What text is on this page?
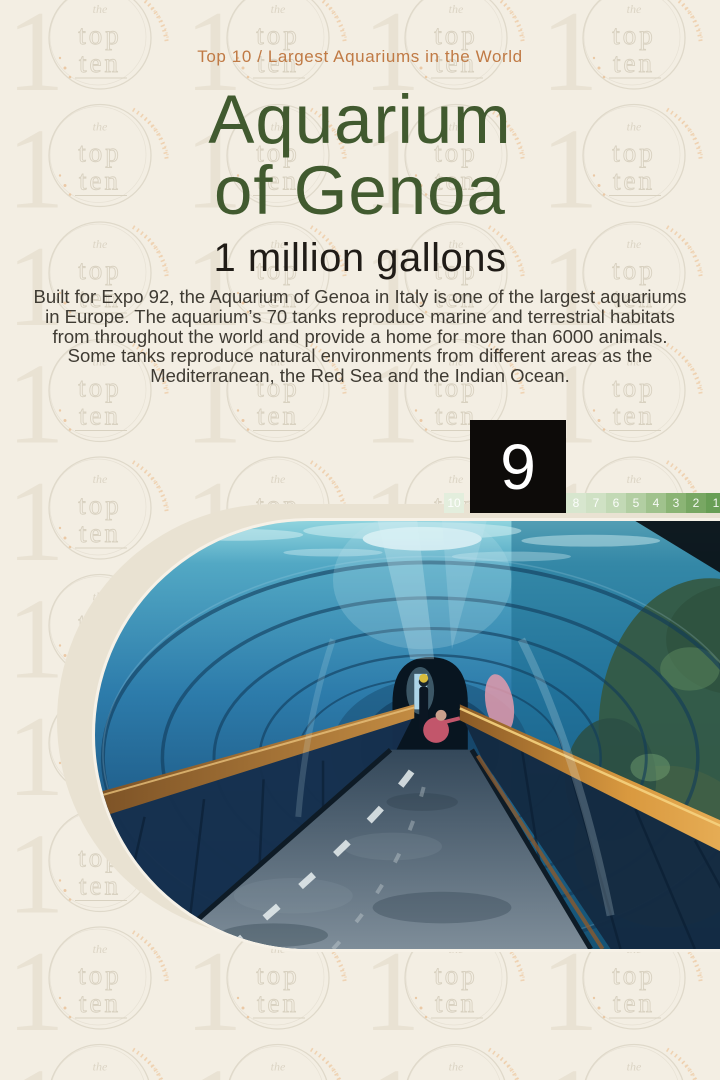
Top 10 / Largest Aquariums in the World
Aquarium
of Genoa
1 million gallons
Built for Expo 92, the Aquarium of Genoa in Italy is one of the largest aquariums in Europe. The aquarium’s 70 tanks reproduce marine and terrestrial habitats from throughout the world and provide a home for more than 6000 animals. Some tanks reproduce natural environments from different areas as the Mediterranean, the Red Sea and the Indian Ocean.
10
9
8	7	6	5	4	3	2	1
